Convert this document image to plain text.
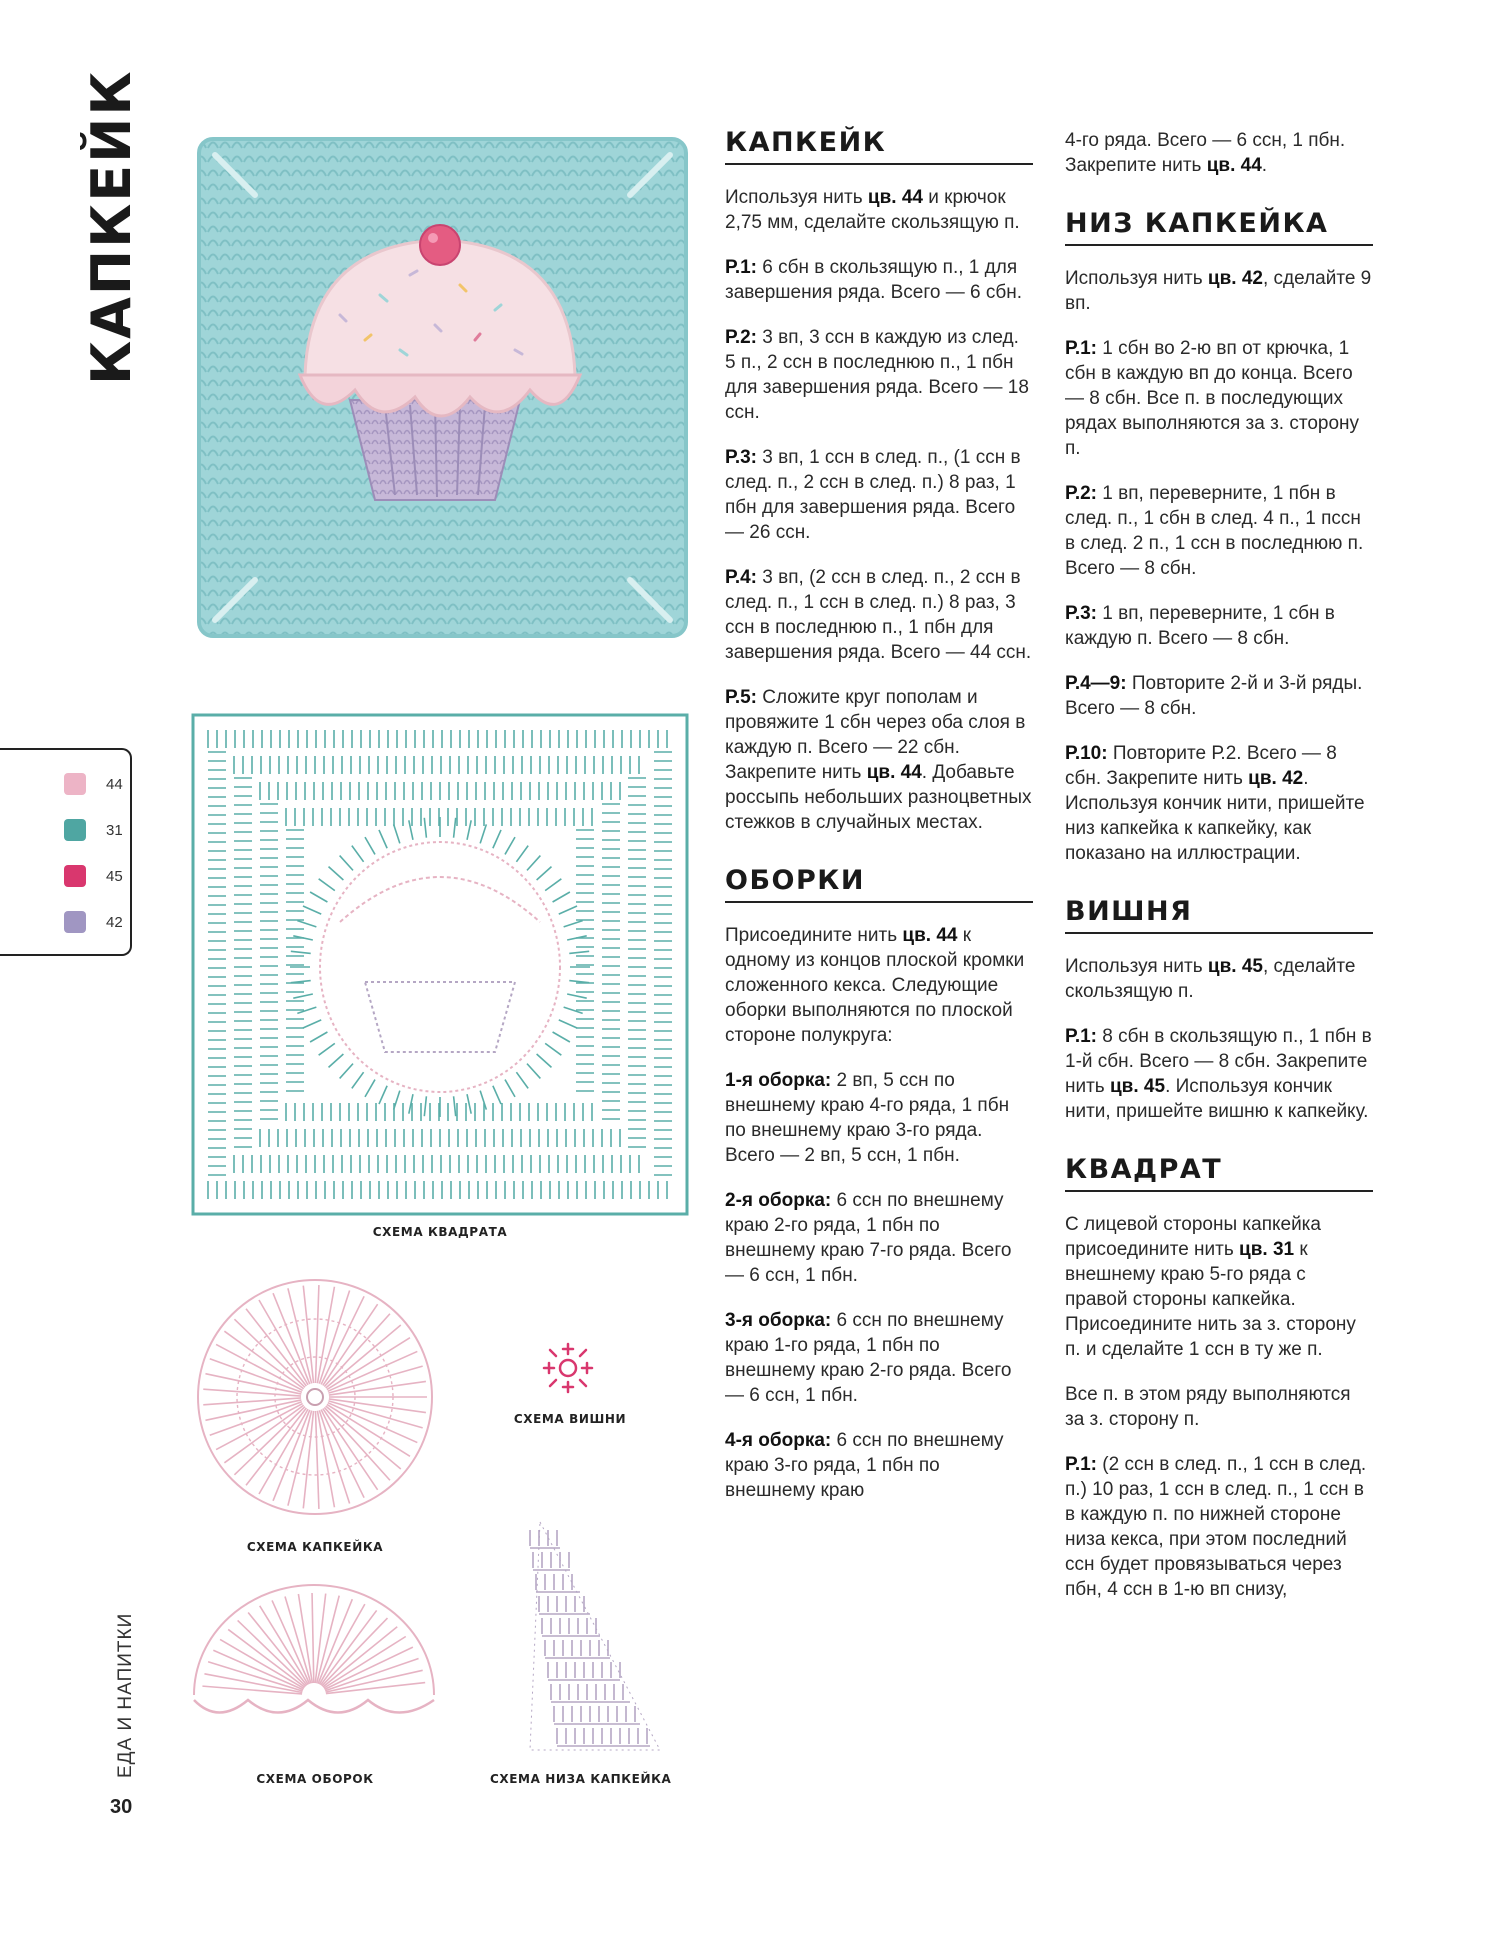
КАПКЕЙК
СХЕМА КВАДРАТА
СХЕМА КАПКЕЙКА
СХЕМА ВИШНИ
СХЕМА ОБОРОК	СХЕМА НИЗА КАПКЕЙКА
44
31
45
42
ЕДА И НАПИТКИ
30
КАПКЕЙК

Используя нить цв. 44 и крючок 2,75 мм, сделайте скользящую п.

Р.1: 6 сбн в скользящую п., 1 для завершения ряда. Всего — 6 сбн.

Р.2: 3 вп, 3 ссн в каждую из след. 5 п., 2 ссн в последнюю п., 1 пбн для завершения ряда. Всего — 18 ссн.

Р.3: 3 вп, 1 ссн в след. п., (1 ссн в след. п., 2 ссн в след. п.) 8 раз, 1 пбн для завершения ряда. Всего — 26 ссн.

Р.4: 3 вп, (2 ссн в след. п., 2 ссн в след. п., 1 ссн в след. п.) 8 раз, 3 ссн в последнюю п., 1 пбн для завершения ряда. Всего — 44 ссн.

Р.5: Сложите круг пополам и провяжите 1 сбн через оба слоя в каждую п. Всего — 22 сбн. Закрепите нить цв. 44. Добавьте россыпь небольших разноцветных стежков в случайных местах.

ОБОРКИ

Присоедините нить цв. 44 к одному из концов плоской кромки сложенного кекса. Следующие оборки выполняются по плоской стороне полукруга:

1-я оборка: 2 вп, 5 ссн по внешнему краю 4-го ряда, 1 пбн по внешнему краю 3-го ряда. Всего — 2 вп, 5 ссн, 1 пбн.

2-я оборка: 6 ссн по внешнему краю 2-го ряда, 1 пбн по внешнему краю 7-го ряда. Всего — 6 ссн, 1 пбн.

3-я оборка: 6 ссн по внешнему краю 1-го ряда, 1 пбн по внешнему краю 2-го ряда. Всего — 6 ссн, 1 пбн.

4-я оборка: 6 ссн по внешнему краю 3-го ряда, 1 пбн по внешнему краю

4-го ряда. Всего — 6 ссн, 1 пбн. Закрепите нить цв. 44.

НИЗ КАПКЕЙКА

Используя нить цв. 42, сделайте 9 вп.

Р.1: 1 сбн во 2-ю вп от крючка, 1 сбн в каждую вп до конца. Всего — 8 сбн. Все п. в последующих рядах выполняются за з. сторону п.

Р.2: 1 вп, переверните, 1 пбн в след. п., 1 сбн в след. 4 п., 1 пссн в след. 2 п., 1 ссн в последнюю п. Всего — 8 сбн.

Р.3: 1 вп, переверните, 1 сбн в каждую п. Всего — 8 сбн.

Р.4—9: Повторите 2-й и 3-й ряды. Всего — 8 сбн.

Р.10: Повторите Р.2. Всего — 8 сбн. Закрепите нить цв. 42. Используя кончик нити, пришейте низ капкейка к капкейку, как показано на иллюстрации.

ВИШНЯ

Используя нить цв. 45, сделайте скользящую п.

Р.1: 8 сбн в скользящую п., 1 пбн в 1-й сбн. Всего — 8 сбн. Закрепите нить цв. 45. Используя кончик нити, пришейте вишню к капкейку.

КВАДРАТ

С лицевой стороны капкейка присоедините нить цв. 31 к внешнему краю 5-го ряда с правой стороны капкейка. Присоедините нить за з. сторону п. и сделайте 1 ссн в ту же п.

Все п. в этом ряду выполняются за з. сторону п.

Р.1: (2 ссн в след. п., 1 ссн в след. п.) 10 раз, 1 ссн в след. п., 1 ссн в в каждую п. по нижней стороне низа кекса, при этом последний ссн будет провязываться через пбн, 4 ссн в 1-ю вп снизу,
